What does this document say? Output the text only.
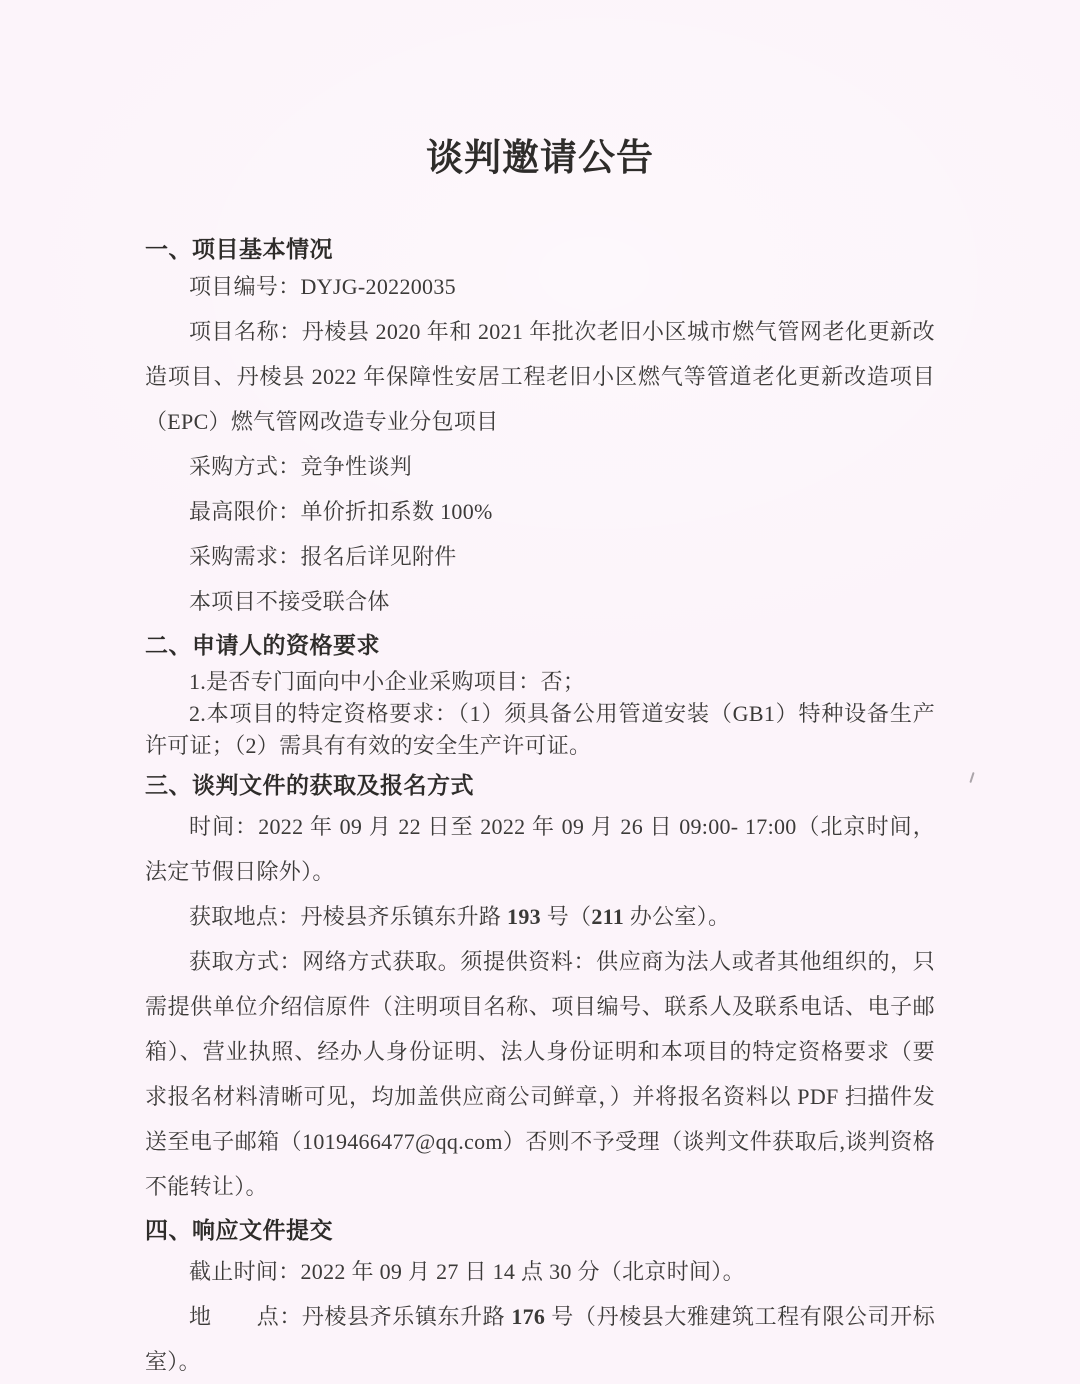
谈判邀请公告
一、项目基本情况

项目编号：DYJG-20220035

项目名称：丹棱县 2020 年和 2021 年批次老旧小区城市燃气管网老化更新改造项目、丹棱县 2022 年保障性安居工程老旧小区燃气等管道老化更新改造项目（EPC）燃气管网改造专业分包项目

采购方式：竞争性谈判

最高限价：单价折扣系数 100%

采购需求：报名后详见附件

本项目不接受联合体

二、申请人的资格要求

1.是否专门面向中小企业采购项目：否；

2.本项目的特定资格要求：（1）须具备公用管道安装（GB1）特种设备生产许可证；（2）需具有有效的安全生产许可证。

三、谈判文件的获取及报名方式

时间：2022 年 09 月 22 日至 2022 年 09 月 26 日 09:00- 17:00（北京时间，法定节假日除外）。

获取地点：丹棱县齐乐镇东升路 193 号（211 办公室）。

获取方式：网络方式获取。须提供资料：供应商为法人或者其他组织的，只需提供单位介绍信原件（注明项目名称、项目编号、联系人及联系电话、电子邮箱）、营业执照、经办人身份证明、法人身份证明和本项目的特定资格要求（要求报名材料清晰可见，均加盖供应商公司鲜章，）并将报名资料以 PDF 扫描件发送至电子邮箱（1019466477@qq.com）否则不予受理（谈判文件获取后,谈判资格不能转让）。

四、响应文件提交

截止时间：2022 年 09 月 27 日 14 点 30 分（北京时间）。

地　　点：丹棱县齐乐镇东升路 176 号（丹棱县大雅建筑工程有限公司开标室）。
